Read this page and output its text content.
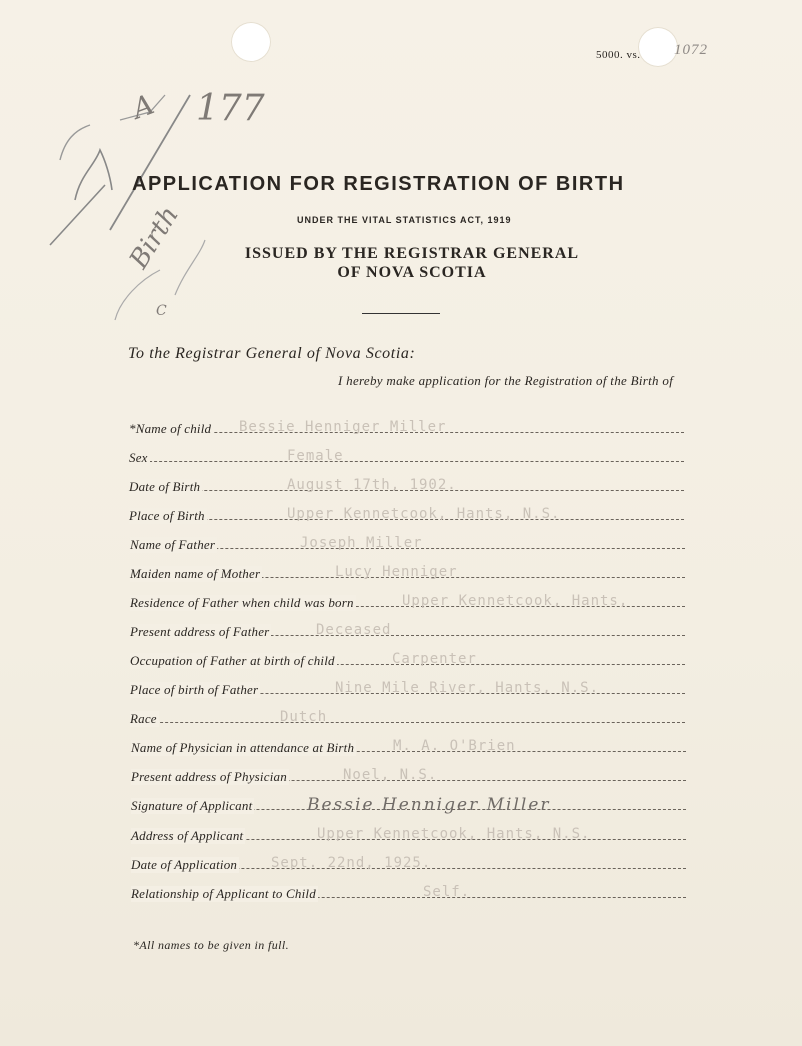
5000. vs. 1072
177
Birth
A
C
APPLICATION FOR REGISTRATION OF BIRTH
UNDER THE VITAL STATISTICS ACT, 1919
ISSUED BY THE REGISTRAR GENERAL
OF NOVA SCOTIA
To the Registrar General of Nova Scotia:
I hereby make application for the Registration of the Birth of
*Name of child Bessie Henniger Miller
Sex	Female
Date of Birth	August 17th, 1902.
Place of Birth	Upper Kennetcook, Hants, N.S.
Name of Father	Joseph Miller
Maiden name of Mother	Lucy Henniger
Residence of Father when child was born	Upper Kennetcook, Hants,
Present address of Father	Deceased
Occupation of Father at birth of child	Carpenter
Place of birth of Father	Nine Mile River, Hants, N.S.
Race	Dutch
Name of Physician in attendance at Birth	M. A. O'Brien
Present address of Physician	Noel, N.S.
Signature of Applicant	Bessie Henniger Miller
Address of Applicant	Upper Kennetcook, Hants, N.S.
Date of Application Sept. 22nd, 1925.
Relationship of Applicant to Child	Self.
*All names to be given in full.
